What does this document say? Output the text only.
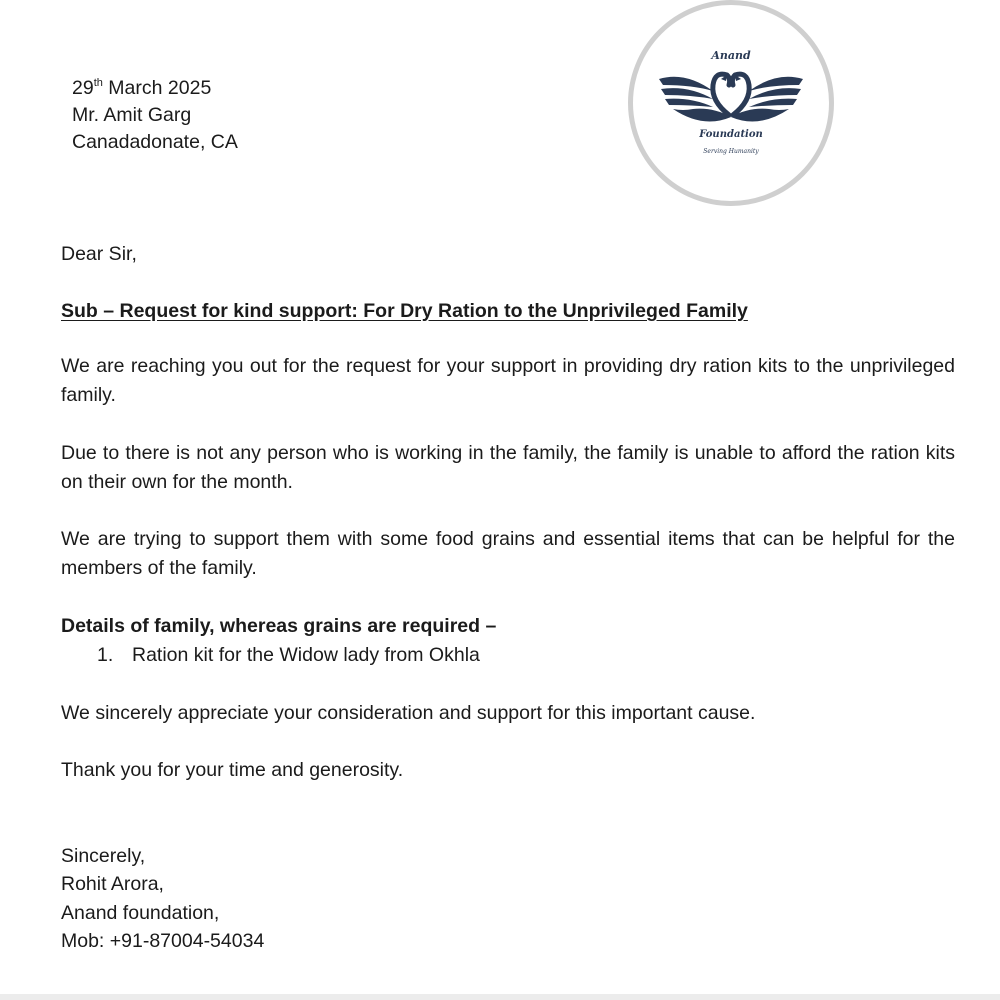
Anand
Foundation
Serving Humanity
29th March 2025
Mr. Amit Garg
Canadadonate, CA
Dear Sir,
Sub – Request for kind support: For Dry Ration to the Unprivileged Family
We are reaching you out for the request for your support in providing dry ration kits to the unprivileged family.
Due to there is not any person who is working in the family, the family is unable to afford the ration kits on their own for the month.
We are trying to support them with some food grains and essential items that can be helpful for the members of the family.
Details of family, whereas grains are required –
1. Ration kit for the Widow lady from Okhla
We sincerely appreciate your consideration and support for this important cause.
Thank you for your time and generosity.
Sincerely,
Rohit Arora,
Anand foundation,
Mob: +91-87004-54034
